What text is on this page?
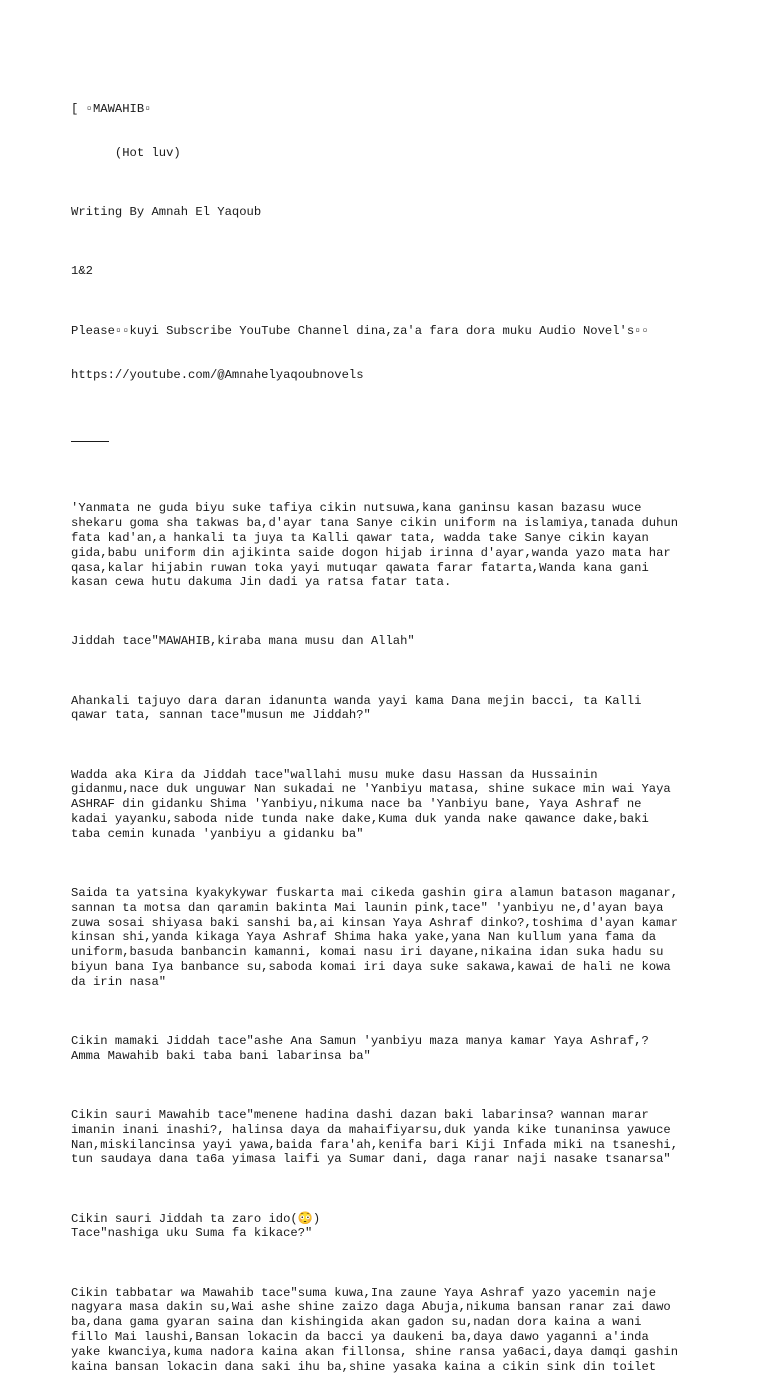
[ ▫MAWAHIB▫

(Hot luv)

Writing By Amnah El Yaqoub

1&2

Please▫▫kuyi Subscribe YouTube Channel dina,za'a fara dora muku Audio Novel's▫▫

https://youtube.com/@Amnahelyaqoubnovels

'Yanmata ne guda biyu suke tafiya cikin nutsuwa,kana ganinsu kasan bazasu wuce
shekaru goma sha takwas ba,d'ayar tana Sanye cikin uniform na islamiya,tanada duhun
fata kad'an,a hankali ta juya ta Kalli qawar tata, wadda take Sanye cikin kayan
gida,babu uniform din ajikinta saide dogon hijab irinna d'ayar,wanda yazo mata har
qasa,kalar hijabin ruwan toka yayi mutuqar qawata farar fatarta,Wanda kana gani
kasan cewa hutu dakuma Jin dadi ya ratsa fatar tata.

Jiddah tace"MAWAHIB,kiraba mana musu dan Allah"

Ahankali tajuyo dara daran idanunta wanda yayi kama Dana mejin bacci, ta Kalli
qawar tata, sannan tace"musun me Jiddah?"

Wadda aka Kira da Jiddah tace"wallahi musu muke dasu Hassan da Hussainin
gidanmu,nace duk unguwar Nan sukadai ne 'Yanbiyu matasa, shine sukace min wai Yaya
ASHRAF din gidanku Shima 'Yanbiyu,nikuma nace ba 'Yanbiyu bane, Yaya Ashraf ne
kadai yayanku,saboda nide tunda nake dake,Kuma duk yanda nake qawance dake,baki
taba cemin kunada 'yanbiyu a gidanku ba"

Saida ta yatsina kyakykywar fuskarta mai cikeda gashin gira alamun batason maganar,
sannan ta motsa dan qaramin bakinta Mai launin pink,tace" 'yanbiyu ne,d'ayan baya
zuwa sosai shiyasa baki sanshi ba,ai kinsan Yaya Ashraf dinko?,toshima d'ayan kamar
kinsan shi,yanda kikaga Yaya Ashraf Shima haka yake,yana Nan kullum yana fama da
uniform,basuda banbancin kamanni, komai nasu iri dayane,nikaina idan suka hadu su
biyun bana Iya banbance su,saboda komai iri daya suke sakawa,kawai de hali ne kowa
da irin nasa"

Cikin mamaki Jiddah tace"ashe Ana Samun 'yanbiyu maza manya kamar Yaya Ashraf,?
Amma Mawahib baki taba bani labarinsa ba"

Cikin sauri Mawahib tace"menene hadina dashi dazan baki labarinsa? wannan marar
imanin inani inashi?, halinsa daya da mahaifiyarsu,duk yanda kike tunaninsa yawuce
Nan,miskilancinsa yayi yawa,baida fara'ah,kenifa bari Kiji Infada miki na tsaneshi,
tun saudaya dana ta6a yimasa laifi ya Sumar dani, daga ranar naji nasake tsanarsa"

Cikin sauri Jiddah ta zaro ido(😳)
Tace"nashiga uku Suma fa kikace?"

Cikin tabbatar wa Mawahib tace"suma kuwa,Ina zaune Yaya Ashraf yazo yacemin naje
nagyara masa dakin su,Wai ashe shine zaizo daga Abuja,nikuma bansan ranar zai dawo
ba,dana gama gyaran saina dan kishingida akan gadon su,nadan dora kaina a wani
fillo Mai laushi,Bansan lokacin da bacci ya daukeni ba,daya dawo yaganni a'inda
yake kwanciya,kuma nadora kaina akan fillonsa, shine ransa ya6aci,daya damqi gashin
kaina bansan lokacin dana saki ihu ba,shine yasaka kaina a cikin sink din toilet
